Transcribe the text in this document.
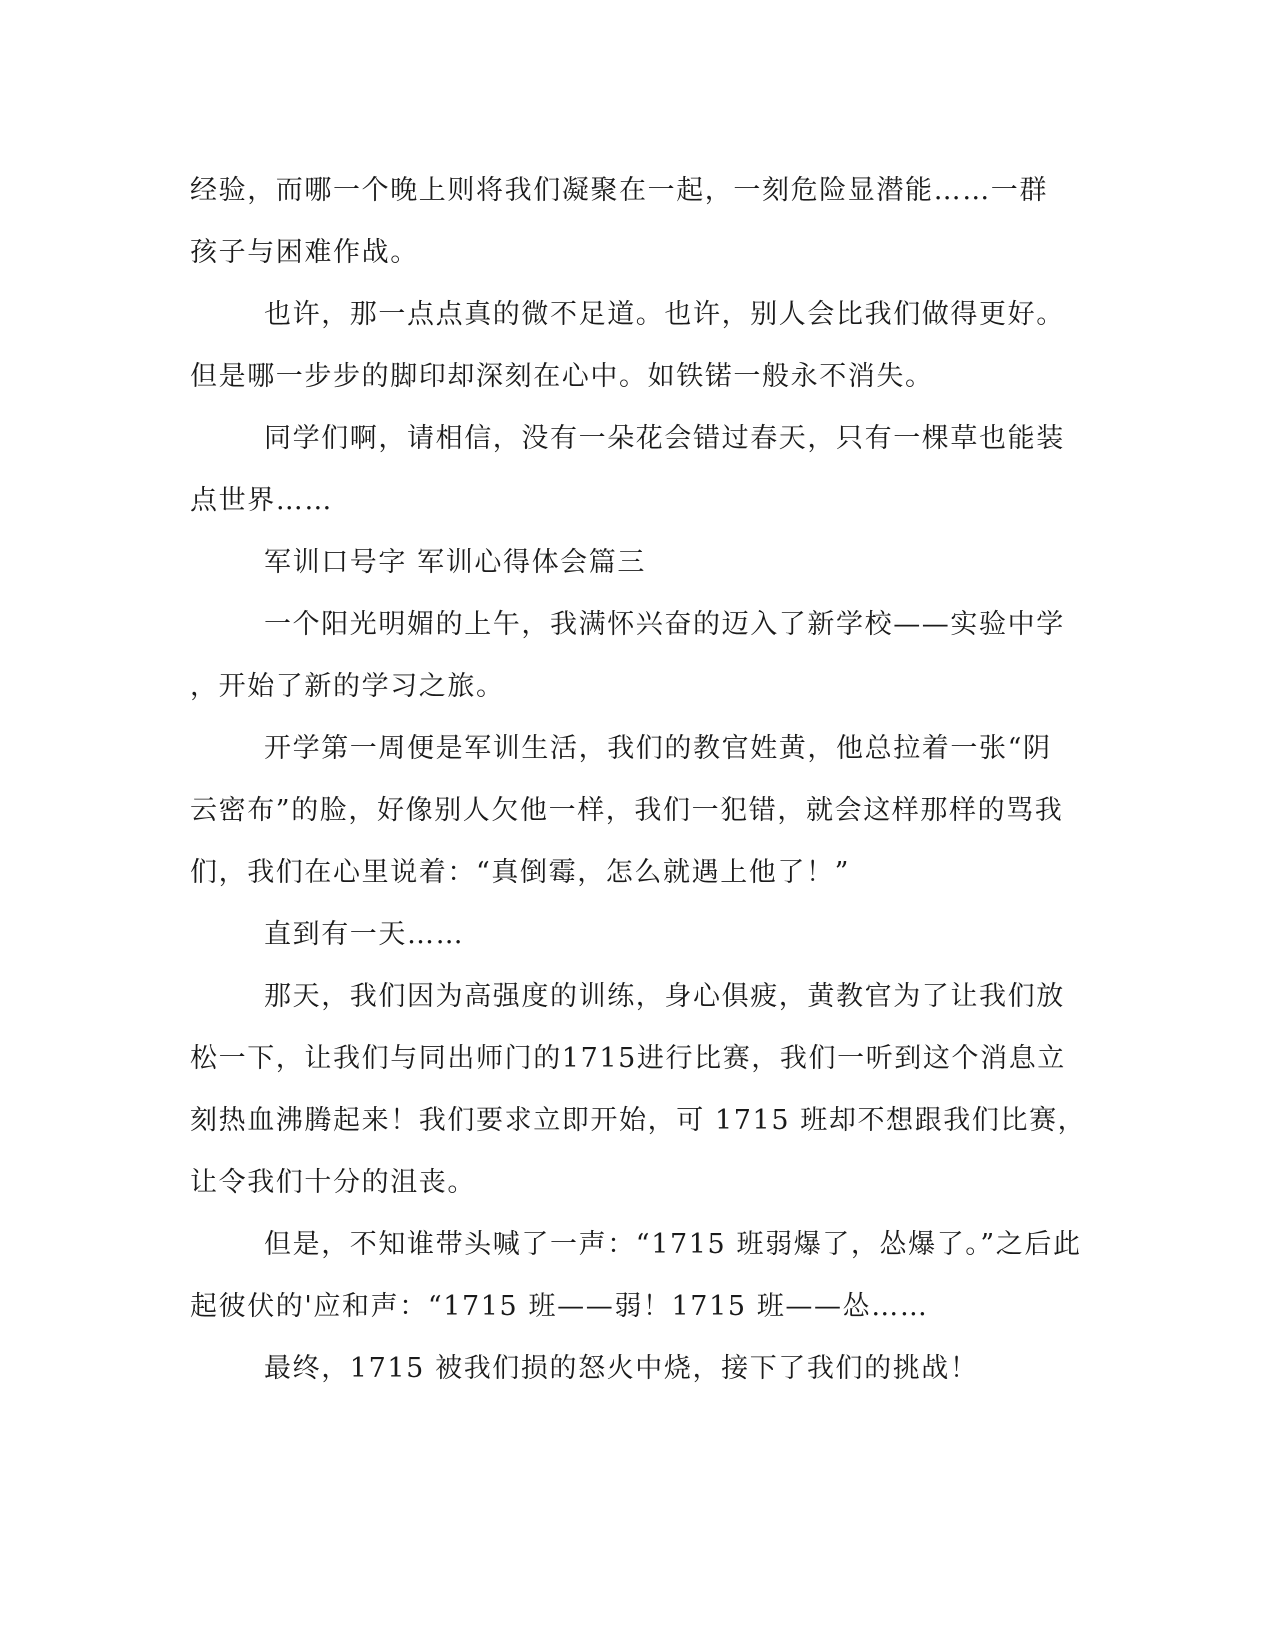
经验，而哪一个晚上则将我们凝聚在一起，一刻危险显潜能……一群

孩子与困难作战。

也许，那一点点真的微不足道。也许，别人会比我们做得更好。

但是哪一步步的脚印却深刻在心中。如铁锘一般永不消失。

同学们啊，请相信，没有一朵花会错过春天，只有一棵草也能装

点世界……

军训口号字 军训心得体会篇三

一个阳光明媚的上午，我满怀兴奋的迈入了新学校——实验中学

，开始了新的学习之旅。

开学第一周便是军训生活，我们的教官姓黄，他总拉着一张“阴

云密布”的脸，好像别人欠他一样，我们一犯错，就会这样那样的骂我

们，我们在心里说着：“真倒霉，怎么就遇上他了！”

直到有一天……

那天，我们因为高强度的训练，身心俱疲，黄教官为了让我们放

松一下，让我们与同出师门的1715进行比赛，我们一听到这个消息立

刻热血沸腾起来！我们要求立即开始，可 1715 班却不想跟我们比赛，

让令我们十分的沮丧。

但是，不知谁带头喊了一声：“1715 班弱爆了，怂爆了。”之后此

起彼伏的'应和声：“1715 班——弱！1715 班——怂……

最终，1715 被我们损的怒火中烧，接下了我们的挑战！
